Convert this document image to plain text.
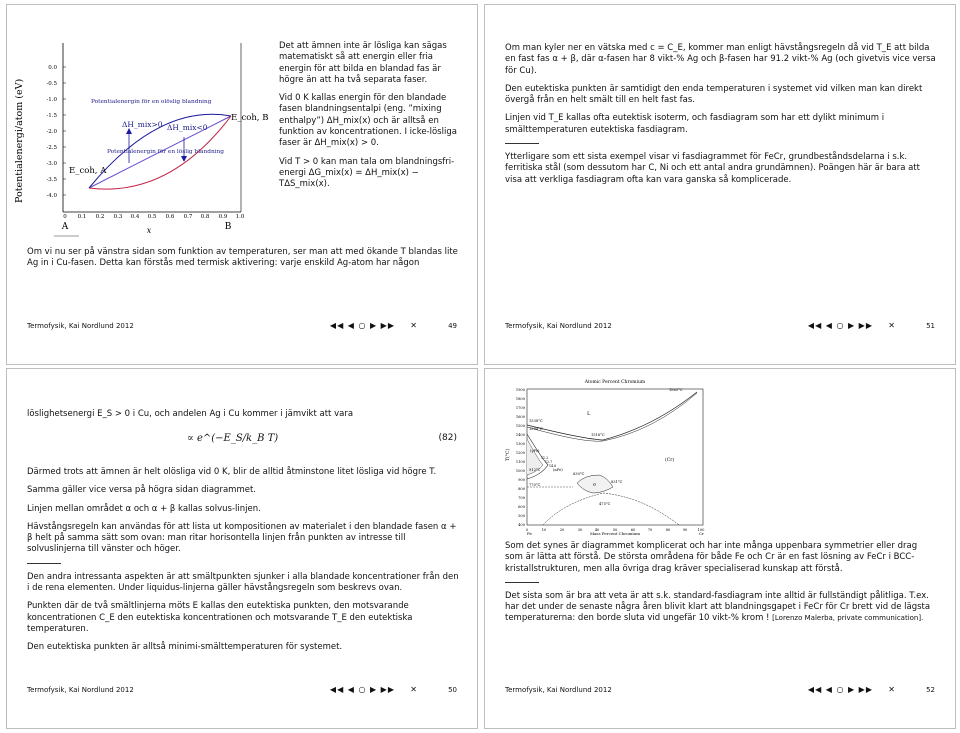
Potentialenergi/atom (eV)
0.0
-0.5
-1.0
-1.5
-2.0
-2.5
-3.0
-3.5
-4.0
0 0.1 0.2 0.3 0.4 0.5 0.6 0.7 0.8 0.9 1.0
A	B
x
Potentialenergin för en olöslig blandning
Potentialenergin för en löslig blandning
ΔH_mix>0 ΔH_mix<0
E_coh, A
E_coh, B

Det att ämnen inte är lösliga kan sägas matematiskt så att energin eller fria energin för att bilda en blandad fas är högre än att ha två separata faser.

Vid 0 K kallas energin för den blandade fasen blandningsentalpi (eng. ”mixing enthalpy”) ΔH_mix(x) och är alltså en funktion av koncentrationen. I icke-lösliga faser är ΔH_mix(x) > 0.

Vid T > 0 kan man tala om blandningsfri-energi ΔG_mix(x) = ΔH_mix(x) − TΔS_mix(x).

Om vi nu ser på vänstra sidan som funktion av temperaturen, ser man att med ökande T blandas lite Ag in i Cu-fasen. Detta kan förstås med termisk aktivering: varje enskild Ag-atom har någon

Termofysik, Kai Nordlund 2012	◀◀ ◀ ○ ▶ ▶▶ ✕	49

Om man kyler ner en vätska med c = C_E, kommer man enligt hävstångsregeln då vid T_E att bilda en fast fas α + β, där α-fasen har 8 vikt-% Ag och β-fasen har 91.2 vikt-% Ag (och givetvis vice versa för Cu).

Den eutektiska punkten är samtidigt den enda temperaturen i systemet vid vilken man kan direkt övergå från en helt smält till en helt fast fas.

Linjen vid T_E kallas ofta eutektisk isoterm, och fasdiagram som har ett dylikt minimum i smälttemperaturen eutektiska fasdiagram.

Ytterligare som ett sista exempel visar vi fasdiagrammet för FeCr, grundbeståndsdelarna i s.k. ferritiska stål (som dessutom har C, Ni och ett antal andra grundämnen). Poängen här är bara att visa att verkliga fasdiagram ofta kan vara ganska så komplicerade.

Termofysik, Kai Nordlund 2012	◀◀ ◀ ○ ▶ ▶▶ ✕	51

löslighetsenergi E_S > 0 i Cu, och andelen Ag i Cu kommer i jämvikt att vara

∝ e^(−E_S/k_B T)	(82)

Därmed trots att ämnen är helt olösliga vid 0 K, blir de alltid åtminstone litet lösliga vid högre T.

Samma gäller vice versa på högra sidan diagrammet.

Linjen mellan området α och α + β kallas solvus-linjen.

Hävstångsregeln kan användas för att lista ut kompositionen av materialet i den blandade fasen α + β helt på samma sätt som ovan: man ritar horisontella linjen från punkten av intresse till solvuslinjerna till vänster och höger.

Den andra intressanta aspekten är att smältpunkten sjunker i alla blandade koncentrationer från den i de rena elementen. Under liquidus-linjerna gäller hävstångsregeln som beskrevs ovan.

Punkten där de två smältlinjerna möts E kallas den eutektiska punkten, den motsvarande koncentrationen C_E den eutektiska koncentrationen och motsvarande T_E den eutektiska temperaturen.

Den eutektiska punkten är alltså minimi-smälttemperaturen för systemet.

Termofysik, Kai Nordlund 2012	◀◀ ◀ ○ ▶ ▶▶ ✕	50
Atomic Percent Chromium
T(°C)
1900
1800
1700
1600
1500
1400
1300
1200
1100
1000
900
800
700
600
500
400
0	10	20	30	40	50	60	70	80	90	100
Fe	Mass Percent Chromium	Cr
L
(Cr)
(γFe)
(αFe)
σ
1863°C
1516°C
1538°C
1394°C
912°C
770°C
830°C
831°C
475°C
11.2
12.7
14.6

Som det synes är diagrammet komplicerat och har inte många uppenbara symmetrier eller drag som är lätta att förstå. De största områdena för både Fe och Cr är en fast lösning av FeCr i BCC-kristallstrukturen, men alla övriga drag kräver specialiserad kunskap att förstå.

Det sista som är bra att veta är att s.k. standard-fasdiagram inte alltid är fullständigt pålitliga. T.ex. har det under de senaste några åren blivit klart att blandningsgapet i FeCr för Cr brett vid de lägsta temperaturerna: den borde sluta vid ungefär 10 vikt-% krom ! [Lorenzo Malerba, private communication].

Termofysik, Kai Nordlund 2012	◀◀ ◀ ○ ▶ ▶▶ ✕	52
